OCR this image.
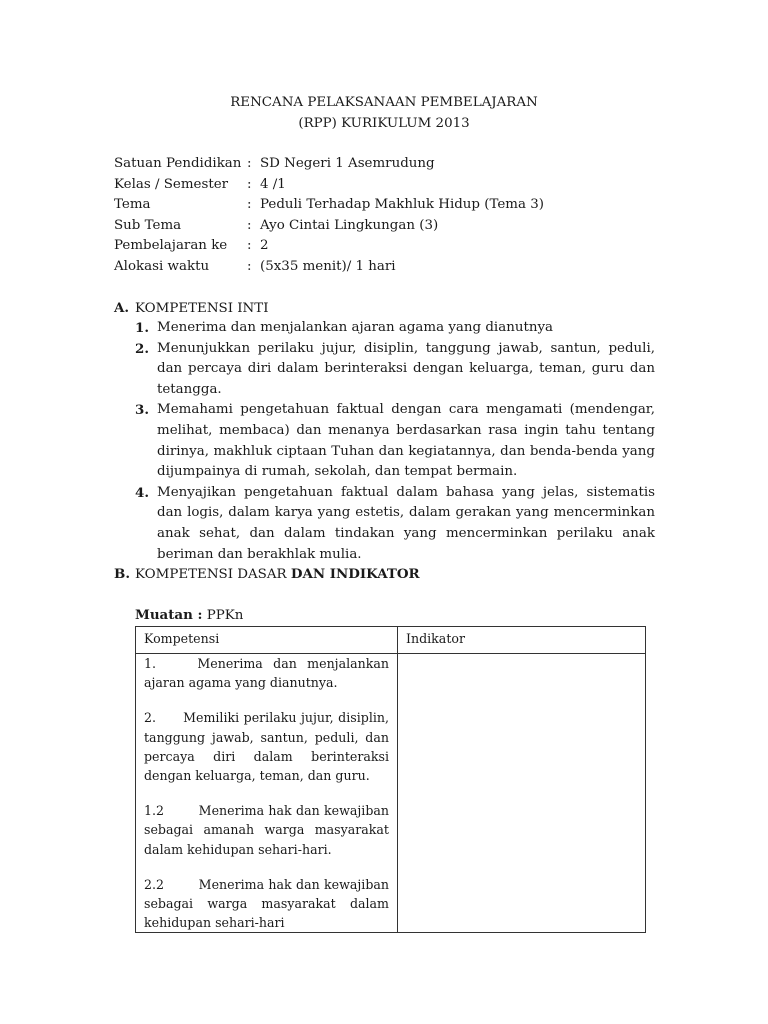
RENCANA PELAKSANAAN PEMBELAJARAN
(RPP) KURIKULUM 2013
Satuan Pendidikan : SD Negeri 1 Asemrudung
Kelas / Semester : 4 /1
Tema	: Peduli Terhadap Makhluk Hidup (Tema 3)
Sub Tema	: Ayo Cintai Lingkungan (3)
Pembelajaran ke : 2
Alokasi waktu	: (5x35 menit)/ 1 hari
A. KOMPETENSI INTI
1. Menerima dan menjalankan ajaran agama yang dianutnya
2. Menunjukkan perilaku jujur, disiplin, tanggung jawab, santun, peduli, dan percaya diri dalam berinteraksi dengan keluarga, teman, guru dan tetangga.
3. Memahami pengetahuan faktual dengan cara mengamati (mendengar, melihat, membaca) dan menanya berdasarkan rasa ingin tahu tentang dirinya, makhluk ciptaan Tuhan dan kegiatannya, dan benda-benda yang dijumpainya di rumah, sekolah, dan tempat bermain.
4. Menyajikan pengetahuan faktual dalam bahasa yang jelas, sistematis dan logis, dalam karya yang estetis, dalam gerakan yang mencerminkan anak sehat, dan dalam tindakan yang mencerminkan perilaku anak beriman dan berakhlak mulia.
B. KOMPETENSI DASAR DAN INDIKATOR
Muatan : PPKn
Kompetensi	Indikator

1.    Menerima dan menjalankan ajaran agama yang dianutnya.

2.      Memiliki perilaku jujur, disiplin, tanggung jawab, santun, peduli, dan percaya diri dalam berinteraksi dengan keluarga, teman, dan guru.

1.2        Menerima hak dan kewajiban sebagai amanah warga masyarakat dalam kehidupan sehari-hari.

2.2        Menerima hak dan kewajiban sebagai warga masyarakat dalam kehidupan sehari-hari	
